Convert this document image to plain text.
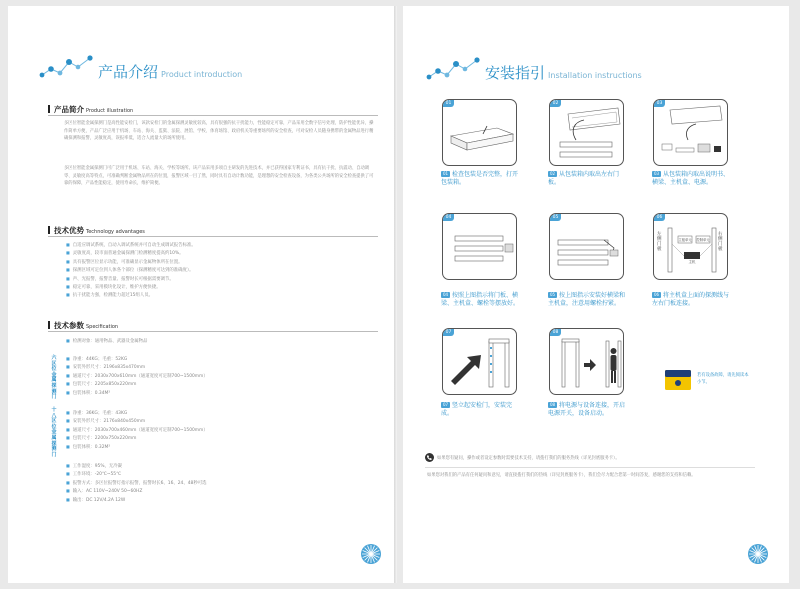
产品介绍 Product introduction
产品简介 Product illustration
多区位智能金属探测门是高性能安检门，该款安检门的金属探测灵敏度较高，具有很强的抗干扰能力，性能稳定可靠，产品采用全数字信号处理，防护性能优异，操作简单方便，产品广泛应用于机场、车站、海关、监狱、法院、展馆、学校、体育场馆、政府机关等重要场所的安全检查，可对安检人员随身携带的金属物品进行精确探测和报警，灵敏度高，误报率低，适合人流量大的场所使用。
多区位智能金属探测门可广泛用于机场、车站、海关、学校等场所。该产品采用多项自主研发的先进技术，并已获得国家专利证书，具有抗干扰、抗震动、自动调零、灵敏度高等特点，可准确判断金属物品所在的位置，报警区域一目了然，同时具有自动计数功能，是理想的安全检查设备，为各类公共场所的安全检查提供了可靠的保障，产品性能稳定，使用寿命长，维护简便。
技术优势 Technology advantages
■ 自适应调试系统，自动入调试系统并可自动生成调试报告标准。
■ 灵敏度高，较市面普通金属探测门检测精度提高约10%。
■ 具有报警区位显示功能，可准确显示金属物体所在位置。
■ 探测区域可定位到人体各个部位（探测精度可达到的准确度）。
■ 声、光报警，报警音量、报警时长可根据需要调节。
■ 稳定可靠，采用模块化设计，维护方便快捷。
■ 抗干扰能力强，检测能力超过15组人员。
技术参数 Specification
■ 检测对象：通用物品、武器及金属物品
六区位金属探测门
■ 净重：44KG；毛重：52KG
■ 安装外形尺寸：2196x835x470mm
■ 通道尺寸：2030x700x610mm（通道宽度可定制700~1500mm）
■ 包装尺寸：2205x850x220mm
■ 包装体积：0.34M³
十八区位金属探测门
■ 净重：36KG；毛重：43KG
■ 安装外形尺寸：2176x840x450mm
■ 通道尺寸：2030x700x460mm（通道宽度可定制700~1500mm）
■ 包装尺寸：2200x750x220mm
■ 包装体积：0.32M³
■ 工作湿度：95%，无冷凝
■ 工作环境：-20℃~55℃
■ 报警方式：多区位报警灯指示报警，报警时长6、16、24、48秒可选
■ 输入：AC 110V~240V 50~60HZ
■ 输出：DC 12V/4.2A 12W
安装指引 Installation instructions
01
01 检查包装是否完整，打开包装箱。
02
02 从包装箱内取出左右门板。
03
03 从包装箱内取出说明书、横梁、主机盒、电源。
04
04 按照上图指示将门板、横梁、主机盒、螺栓等摆放好。
05
05 按上图指示安装好横梁和主机盒，注意用螺栓拧紧。
06
左侧门板
右侧门板
主板单元 控制单元
主机
06 将主机盒上面的探测线与左右门板连接。
07
07 竖立起安检门，安装完成。
08
08 将电源与设备连接，开启电源开关，设备启动。
若有设备故障，请先阅读本小节。
如果您有疑问，操作或者设定参数时需要技术支持，请拨打我们的服务热线（详见封底服务卡）。
如果您对我们的产品有任何疑问和意见，请直接拨打我们的热线（详见封底服务卡），我们会尽力配合您第一时间答复，感谢您的支持和信赖。
